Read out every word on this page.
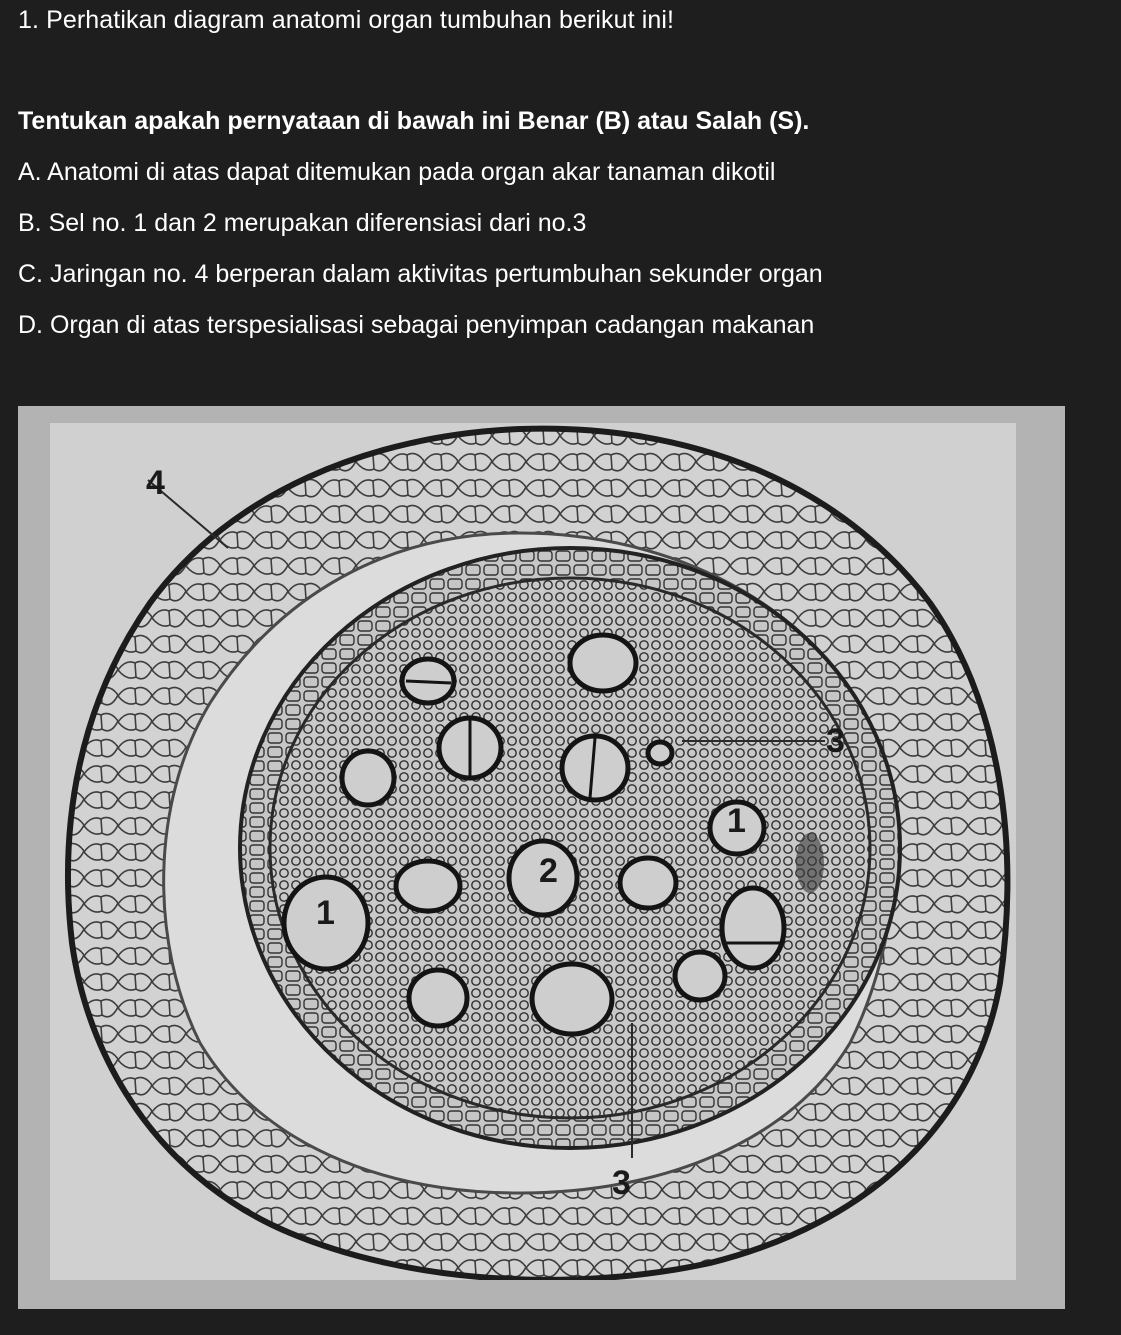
1. Perhatikan diagram anatomi organ tumbuhan berikut ini!
Tentukan apakah pernyataan di bawah ini Benar (B) atau Salah (S).
A. Anatomi di atas dapat ditemukan pada organ akar tanaman dikotil
B. Sel no. 1 dan 2 merupakan diferensiasi dari no.3
C. Jaringan no. 4 berperan dalam aktivitas pertumbuhan sekunder organ
D. Organ di atas terspesialisasi sebagai penyimpan cadangan makanan
4
3
1
2
1
3
